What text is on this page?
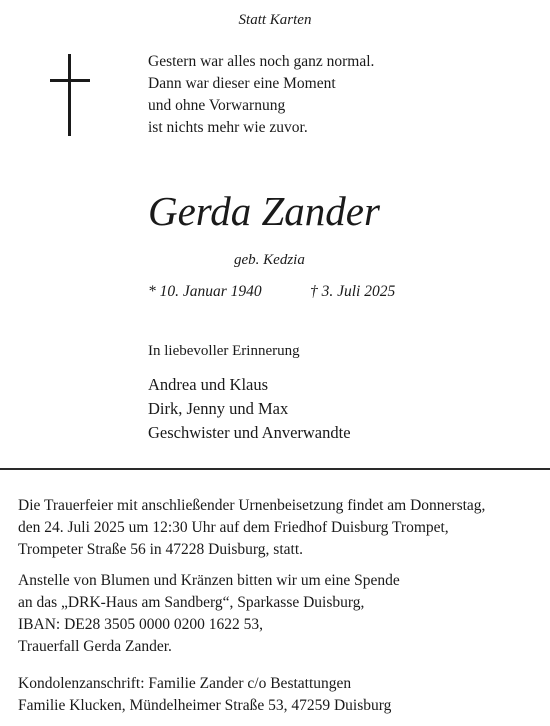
Statt Karten
Gestern war alles noch ganz normal.
Dann war dieser eine Moment
und ohne Vorwarnung
ist nichts mehr wie zuvor.
Gerda Zander
geb. Kedzia
* 10. Januar 1940	† 3. Juli 2025
In liebevoller Erinnerung
Andrea und Klaus
Dirk, Jenny und Max
Geschwister und Anverwandte
Die Trauerfeier mit anschließender Urnenbeisetzung findet am Donnerstag,
den 24. Juli 2025 um 12:30 Uhr auf dem Friedhof Duisburg Trompet,
Trompeter Straße 56 in 47228 Duisburg, statt.
Anstelle von Blumen und Kränzen bitten wir um eine Spende
an das „DRK-Haus am Sandberg“, Sparkasse Duisburg,
IBAN: DE28 3505 0000 0200 1622 53,
Trauerfall Gerda Zander.
Kondolenzanschrift: Familie Zander c/o Bestattungen
Familie Klucken, Mündelheimer Straße 53, 47259 Duisburg
